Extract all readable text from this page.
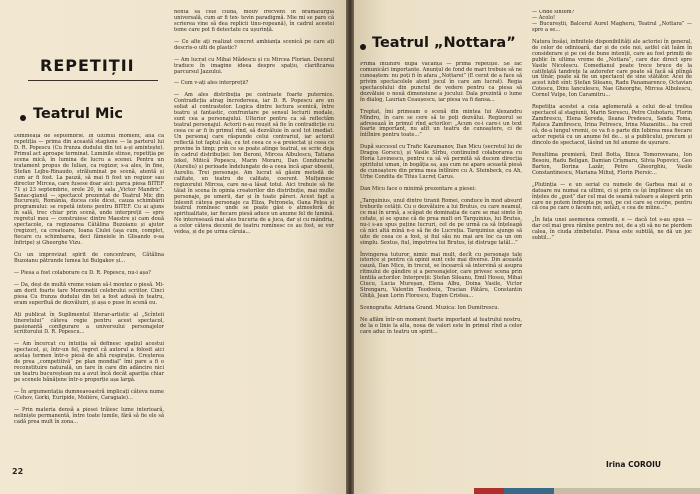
REPETIȚII
Teatrul Mic
Dimineață de septembrie. În ultimul moment, afla că repetiția — prima din această stagiune — la parterul lui D. R. Popescu (Cu frunza dudului din tei a-și amintește). Primul act aproape terminat. Luminile stinse, repetiția pe scena mică, în lumina de lucru a scenei. Pentru un tratament propus de Iulian, ca regizor, s-a ales, în fine, Ștefan Lejbu-Rinaudo, străluminat pe scenă, atentă și cum ar fi fost. La pauză, să mai fi fost un regizor sau director Mircea, care fusese doar aici: parca piesa BITEF 71 și 23 septembrie, orele 20, în sala „Victor Mandric”. Sanac-gianul — spectacol prezentat de Teatrul Mic din București, România, ducea cele dicei, cauza schimbării programului: se repetă intens pentru BITEF. Cu ai ajuns în sală, trec chiar prin scenă, unde interpreții — spre regretul meu — construiesc dintre Maestre și cam două spectacole, ca regizoarea Cătălina Buzoianu și ajutor (regizor), ca creatoare, Ioana Ciulei (așa cum, complet, fiecare cu schimbarea, deci fămeiele în Glisando o-sa înfiripe) și Gheorghe Vizu.

Cu un improvizat spirit de concentrare, Cătălina Buzoianu pătrunde lumea lui Bulgakov și...

— Piesa a fost colaborare cu D. R. Popescu, nu-i așa?

— Da, deși de multă vreme voiam să-l montez o piesă. Mi-am dorit foarte tare Moromeții celebrului scriitor. Cinci piesa Cu frunza dudului din tei a fost adusă în teatru, eram superfluă de dezvăluiri, și așa o puse în scenă eu.

Ați publicat în Suplimentul literar-artistic al „Scînteii tineretului” câteva regie pentru acest spectacol, pasionantă configurare a universului personajelor scriitorului D. R. Popescu...

— Am încercat cu intuiția să definesc spațiul acestui spectacol, și, într-un fel, regret că autorul a folosit aici acelaș termen într-o piesă de altă respirație. Creșterea de prea „competitivă” pe plan mondial” îmi pare a fi o reconstituire naturală, un tare în care din adâncire nici un teatru bucureștean nu a avut încă decât apariția chiar pe scenele bănățene într-o proporție așa largă.

— În argumentația dumneavoastră implicați câteva nume (Cehov, Gorki, Euripide, Molière, Caragiale)...

— Prin materia densă a piesei trăiesc lume interioară, neliniște permanentă, între toate lumile, fără să fie ele să cadă prea mult în zona...
nentă să cele ciudă, motiv frecvent în dramaturgia universală, cum ar fi tex- tevin paradigmă. Mie mi se pare că scrierea vine să dea replicii tinu-ropeană), în cadrul acestei teme care pot fi detectate cu ușurință.

— Ce alte ați realizat concret ambianța scenică pe care ați descris-o ulti de plastic?

— Am lucrat cu Mihai Mădescu și cu Mircea Florian. Decorul traduce în imagine ideea despre spațiu, clarificarea parcursul Jazzului.

— Cum v-ați ales interpreții?

— Am ales distribuția pe contraste foarte puternice. Contradicția atrag încredereea, iar D. R. Popescu are un soliat al contrastelor. Logica dintre lectura scenică, între teatru și fantastic, confruntare pe sensul lecturii modale, sunt cea a personajului. Ulterior pentru ca să reflectăm teatral personajul. Actorii n-au reușit să fie în contradicție cu ceea ce ar fi în primul rînd, să dezvăluie în acel tot imediat. Un personaj care răspunde celui contrariul, iar actorul reflectă tot faptul său, cu tot ceea ce s-a proiectat și ceea ce provine în timp; prin ce se poate atinge teatral, se scrie deja în cadrul distribuției: Ion Beroni, Mircea Albulescu, Tatiana Iekel, Mitică Popescu, Marin Moraru, Dan Condurache (Aureliu) și perioade îndelungate de-a ceea încă apar obsesii, Aureliu. Trei personaje. Am lucrat să găsim metodă de calitate, un teatru de calitate, coerent. Mulțumesc regizorului Mircea, care ne-a lăsat totul. Aici trebuie să fie tăiat în scena în opinia creatorilor din distribuție, mai multe personaje, pe umerii, dar și în toate păreri. Acest fapt a înlesnit câteva personaje ca Eliza, Petronela, Oana Pelea și teatrul romînesc unde se poate găsi o atmosferă de spiritualitate, iar fiecare piesă aduce un anume fel de lumină. Ne interesează mai ales bucuria de a juca, dar și cu mândria, a celor câteva decenii de teatru romînesc ce au fost, se vor vedea, și de pe urma căruia...
22
Teatrul „Nottara”
Prima întîlnire după vacanță — prima repetiție. Se fac comunicări importante. Anunțul de fond de mari trebuie să ne cunoaștem: nu poți fi în afara „Nottarei” (E cerut de a face să privim spectacolele atent jocul în care am lucrat). Regia spectacolului din punctul de vedere pentru ca piesa să dezvăluie o nouă dimensiune a jocului: Dala prezintă o lume în dialog, Laurian Ceaușescu, iar piesa va fi dansa...

Treptat, îmi primeam o scenă din mintea lui Alexandru Mîndru, în care se cere să te poți dezvălui. Regizorul se adresează în primul rînd actorilor: „Acum ce-i care-i un text foarte important, nu atît un teatru de cunoaștere, ci de întîlnire pentru toate...”

După succesul cu Trafic Kazumanov, Dan Micu (secretul lui de Dragoș Gorscu), și Vasile Sîrbu, continuînd colaborarea cu Horia Lovinescu, pentru ca să vă permită să ducem direcția spiritului uman, în bogăția sa, așa cum ne apare această piesă de cunoaștere din prima mea întîlnire cu A. Steinbeck, cu Ah, Urbe Condita de Titus Lucreț Carus.

Dan Micu face o minimă prezentare a piesei:

„Tarquinius, unul dintre tiranii Romei, conduce în mod absurd treburile cetății. Cu o dezvăluire a lui Brutus, cu care neamul, ce mai în urmă, a scăpat de dominația de care se mai simte în cetate, și se spune că de prea mult ori Tarquinius, lui Brutus, nu-i s-au spus puține lucruri, cel de pe urmă ca să înțeleagă că nici altă mînă n-o să fie de Lucreția. Tarquinius ajunge să uite de ceea ce a fost, și fiul său nu mai are loc ca un om simplu. Sextus, fiul, împotriva lui Brutus, își distruge tatăl...”

Învingerea tuturor, nimic mai mult, decît cu personaje tale istorice și pentru că opinii sunt cele mai diverse. Din această cauză, Dan Micu, în trecut, se încearcă să intervină și asupra ritmului de gândire și a personajelor, care privesc scena prin lentila actorilor. Interpreții: Ștefan Sileanu, Emil Hossu, Mihai Ciucu, Lucia Mureșan, Elena Albu, Doina Vasile, Victor Strengaru, Valentin Teodosiu, Tracian Pătăru, Constantin Ghiță, Jean Lorin Florescu, Eugen Cristea...

Scenografia: Adriana Grand. Muzica: Ion Dumitrescu.

Ne aflăm într-un moment foarte important al teatrului nostru, de la o linie la alta, noua de valori este în primul rînd a celor care aduc în teatru un spirit...
— Unde sintem?
— Acolo!
— Bucureștii, Balcerul Aurel Magheru, Teatrul „Nottara” — spre a se...

Natura însăși, infinitele disponibilități ale actoriei în general, de celor de odinioară, dar și de cele noi, astfel cât luăm în considerare și pe cei de bune intenții, care au fost primiți de public în ultima vreme de „Nottara”, care duc direct spre Vasile Nicolescu. Comedianul poate trece bruce de la catifelată tandrețe la autorefer care poate să facă să plîngă un tînăr, poate să fie un spectacol de sine stătător. Acei de acest iubit sînt: Ștefan Sileanu, Radu Panamarenco, Octavian Cotescu, Dinu Ianculescu, Nae Gheorghe, Mircea Albulescu, Cornel Vulpe, Ion Caramitru...

Repetiția acestei a ceia aglomerată a celui de-al treilea spectacol al stagiunii, Marin Sorescu, Petre Ciubotaru, Florin Zamfirescu, Elena Sereda, Ileana Predescu, Sanda Toma, Raluca Zamfirescu, Irina Petrescu, Irina Mazanitis... ba cred că, de-a lungul vremii, ce va fi o parte din Iubirea mea fiecare actor repetă cu un anume fel de... și a publicului, precum și dincolo de spectacol, lăsînd un fel anume de ușurare.

Penultima premieră, Emil Botta, Ilinca Tomoroveanu, Ion Besoiu, Radu Beligan, Damian Crîșmaru, Silvia Popovici, Geo Barton, Dorina Lazăr, Petre Gheorghiu, Vasile Constantinescu, Mariana Mihuț, Florin Piersic...

„Plutinția — e un serial cu numele de Garbea mai ai o datoare nu numai ca ultimi, ci și prin ce își împlinesc ele un înțeles de „gust” dar cel mai de seamă valoare a alegerii prin care ne putem îndrepta pe noi, pe cei care se cuvine, pentru că cea pe care o facem noi, astăzi, e cea de mîine...”

„În fața unei asemenea comedii, e — dacă tot s-au spus — dar cel mai greu rămîne pentru noi, de a ști să nu ne pierdem calea, în ciuda zîmbetului. Piesa este subtilă, ne dă un joc subtil...”
Irina COROIU
